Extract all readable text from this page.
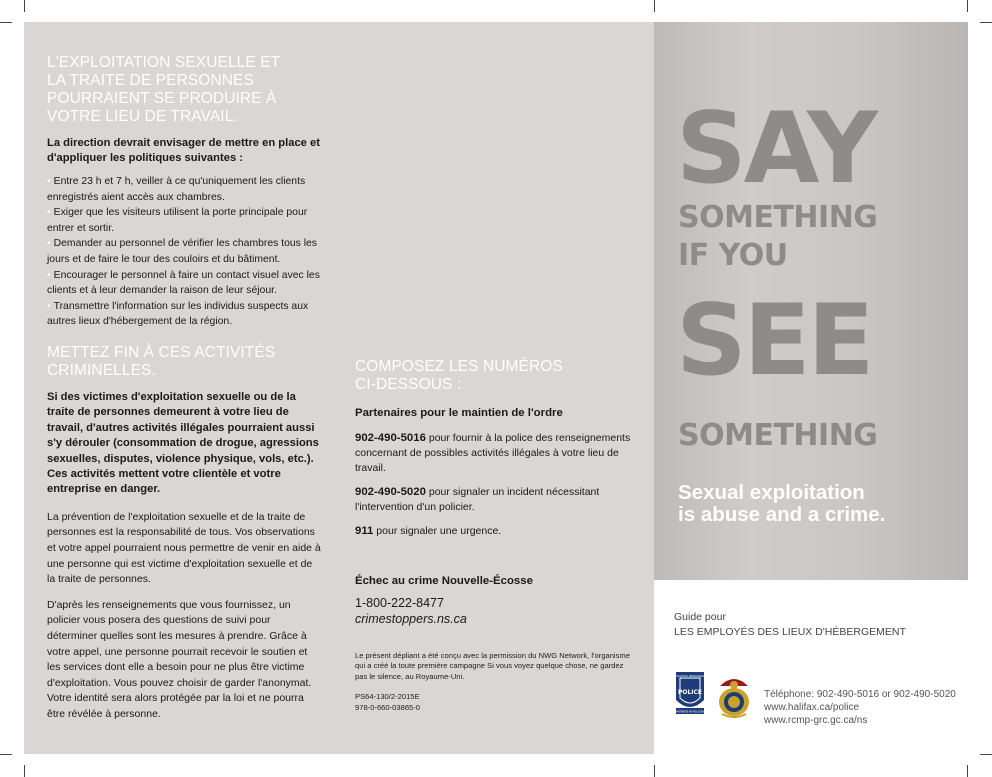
L'EXPLOITATION SEXUELLE ET
LA TRAITE DE PERSONNES
POURRAIENT SE PRODUIRE À
VOTRE LIEU DE TRAVAIL.

La direction devrait envisager de mettre en place et d'appliquer les politiques suivantes :

• Entre 23 h et 7 h, veiller à ce qu'uniquement les clients enregistrés aient accès aux chambres.
• Exiger que les visiteurs utilisent la porte principale pour entrer et sortir.
• Demander au personnel de vérifier les chambres tous les jours et de faire le tour des couloirs et du bâtiment.
• Encourager le personnel à faire un contact visuel avec les clients et à leur demander la raison de leur séjour.
• Transmettre l'information sur les individus suspects aux autres lieux d'hébergement de la région.
METTEZ FIN À CES ACTIVITÉS
CRIMINELLES.

Si des victimes d'exploitation sexuelle ou de la traite de personnes demeurent à votre lieu de travail, d'autres activités illégales pourraient aussi s'y dérouler (consommation de drogue, agressions sexuelles, disputes, violence physique, vols, etc.). Ces activités mettent votre clientèle et votre entreprise en danger.

La prévention de l'exploitation sexuelle et de la traite de personnes est la responsabilité de tous. Vos observations et votre appel pourraient nous permettre de venir en aide à une personne qui est victime d'exploitation sexuelle et de la traite de personnes.

D'après les renseignements que vous fournissez, un policier vous posera des questions de suivi pour déterminer quelles sont les mesures à prendre. Grâce à votre appel, une personne pourrait recevoir le soutien et les services dont elle a besoin pour ne plus être victime d'exploitation. Vous pouvez choisir de garder l'anonymat. Votre identité sera alors protégée par la loi et ne pourra être révélée à personne.

COMPOSEZ LES NUMÉROS
CI-DESSOUS :

Partenaires pour le maintien de l'ordre

902-490-5016 pour fournir à la police des renseignements concernant de possibles activités illégales à votre lieu de travail.

902-490-5020 pour signaler un incident nécessitant l'intervention d'un policier.

911 pour signaler une urgence.

Échec au crime Nouvelle-Écosse

1-800-222-8477

crimestoppers.ns.ca

Le présent dépliant a été conçu avec la permission du NWG Network, l'organisme qui a créé la toute première campagne Si vous voyez quelque chose, ne gardez pas le silence, au Royaume-Uni.

PS64-130/2-2015E

978-0-660-03865-0

SAY

SOMETHING

IF YOU

SEE

SOMETHING

Sexual exploitation
is abuse and a crime.

Guide pour
LES EMPLOYÉS DES LIEUX D'HÉBERGEMENT
HALIFAX REGIONAL
POLICE
PARTNERS IN POLICING
Téléphone: 902-490-5016 or 902-490-5020
www.halifax.ca/police
www.rcmp-grc.gc.ca/ns
